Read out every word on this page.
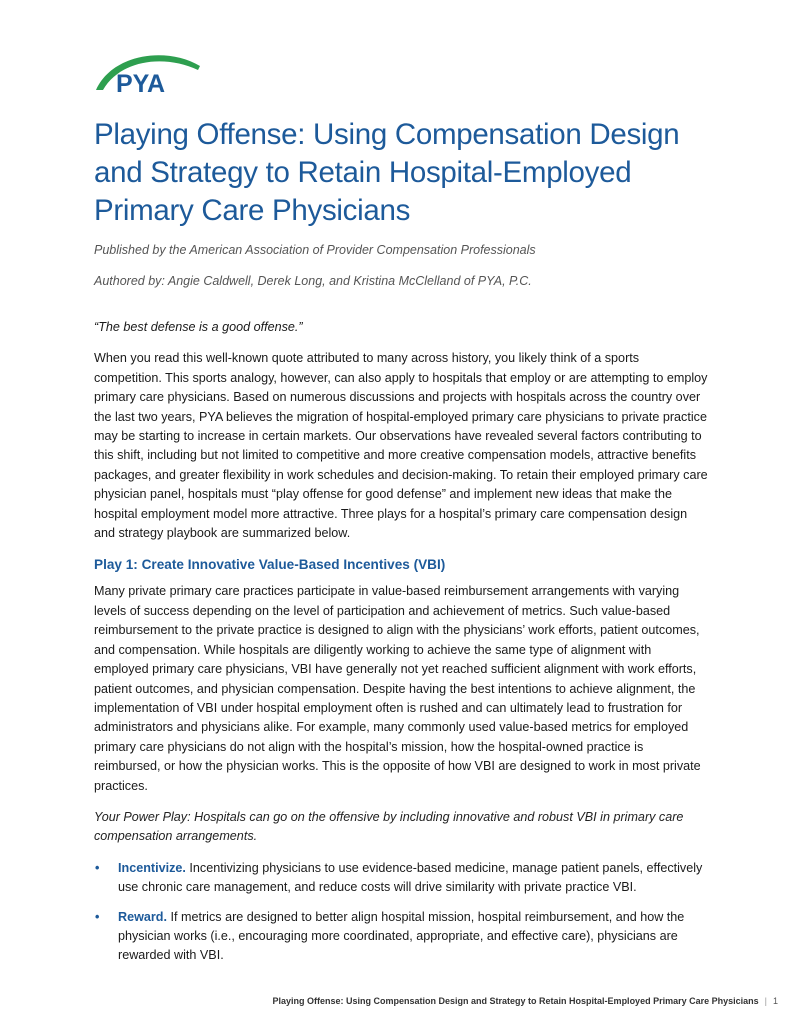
PYA
Playing Offense: Using Compensation Design and Strategy to Retain Hospital-Employed Primary Care Physicians

Published by the American Association of Provider Compensation Professionals

Authored by: Angie Caldwell, Derek Long, and Kristina McClelland of PYA, P.C.

“The best defense is a good offense.”

When you read this well-known quote attributed to many across history, you likely think of a sports competition. This sports analogy, however, can also apply to hospitals that employ or are attempting to employ primary care physicians. Based on numerous discussions and projects with hospitals across the country over the last two years, PYA believes the migration of hospital-employed primary care physicians to private practice may be starting to increase in certain markets. Our observations have revealed several factors contributing to this shift, including but not limited to competitive and more creative compensation models, attractive benefits packages, and greater flexibility in work schedules and decision-making. To retain their employed primary care physician panel, hospitals must “play offense for good defense” and implement new ideas that make the hospital employment model more attractive. Three plays for a hospital’s primary care compensation design and strategy playbook are summarized below.

Play 1: Create Innovative Value-Based Incentives (VBI)

Many private primary care practices participate in value-based reimbursement arrangements with varying levels of success depending on the level of participation and achievement of metrics. Such value-based reimbursement to the private practice is designed to align with the physicians’ work efforts, patient outcomes, and compensation. While hospitals are diligently working to achieve the same type of alignment with employed primary care physicians, VBI have generally not yet reached sufficient alignment with work efforts, patient outcomes, and physician compensation. Despite having the best intentions to achieve alignment, the implementation of VBI under hospital employment often is rushed and can ultimately lead to frustration for administrators and physicians alike. For example, many commonly used value-based metrics for employed primary care physicians do not align with the hospital’s mission, how the hospital-owned practice is reimbursed, or how the physician works. This is the opposite of how VBI are designed to work in most private practices.

Your Power Play: Hospitals can go on the offensive by including innovative and robust VBI in primary care compensation arrangements.

• Incentivize. Incentivizing physicians to use evidence-based medicine, manage patient panels, effectively use chronic care management, and reduce costs will drive similarity with private practice VBI.
• Reward. If metrics are designed to better align hospital mission, hospital reimbursement, and how the physician works (i.e., encouraging more coordinated, appropriate, and effective care), physicians are rewarded with VBI.
Playing Offense: Using Compensation Design and Strategy to Retain Hospital-Employed Primary Care Physicians | 1
